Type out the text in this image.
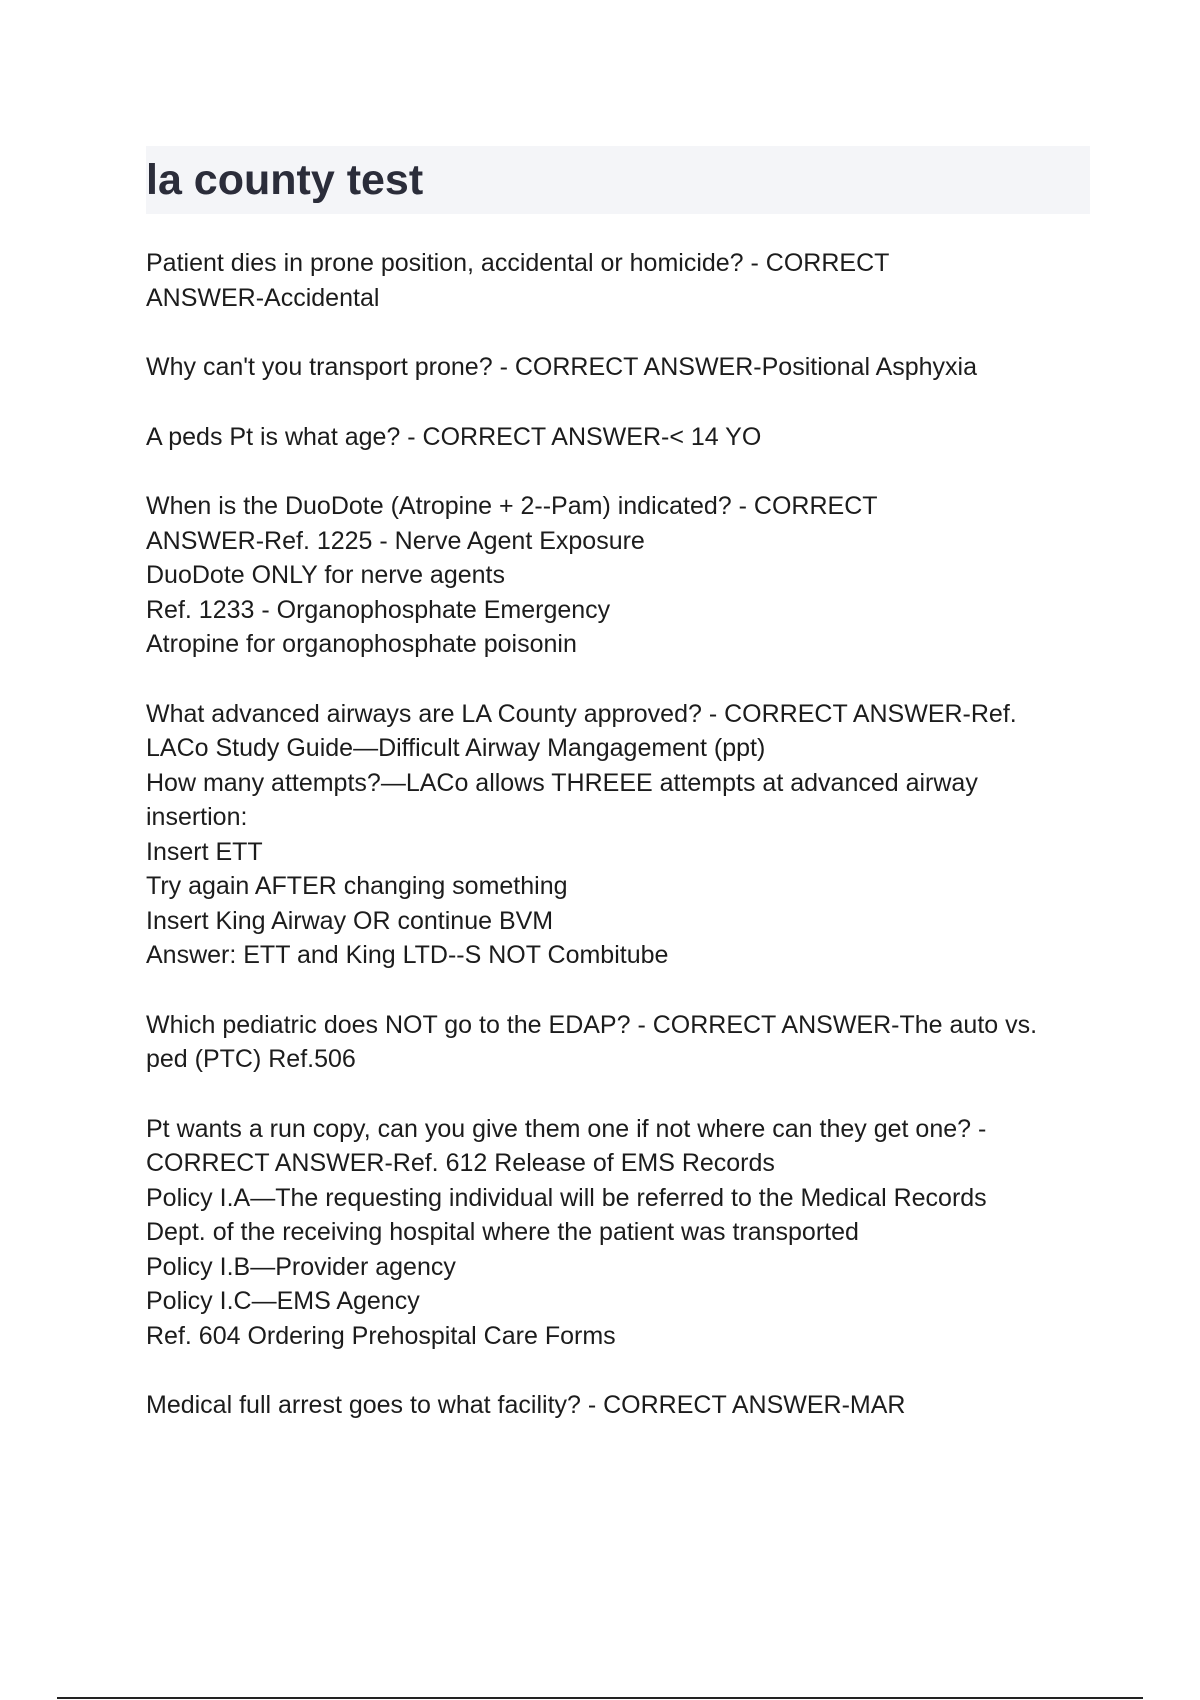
la county test

Patient dies in prone position, accidental or homicide? - CORRECT

ANSWER-Accidental

Why can't you transport prone? - CORRECT ANSWER-Positional Asphyxia

A peds Pt is what age? - CORRECT ANSWER-< 14 YO

When is the DuoDote (Atropine + 2--Pam) indicated? - CORRECT

ANSWER-Ref. 1225 - Nerve Agent Exposure

DuoDote ONLY for nerve agents

Ref. 1233 - Organophosphate Emergency

Atropine for organophosphate poisonin

What advanced airways are LA County approved? - CORRECT ANSWER-Ref.

LACo Study Guide—Difficult Airway Mangagement (ppt)

How many attempts?—LACo allows THREEE attempts at advanced airway

insertion:

Insert ETT

Try again AFTER changing something

Insert King Airway OR continue BVM

Answer: ETT and King LTD--S NOT Combitube

Which pediatric does NOT go to the EDAP? - CORRECT ANSWER-The auto vs.

ped (PTC) Ref.506

Pt wants a run copy, can you give them one if not where can they get one? -

CORRECT ANSWER-Ref. 612 Release of EMS Records

Policy I.A—The requesting individual will be referred to the Medical Records

Dept. of the receiving hospital where the patient was transported

Policy I.B—Provider agency

Policy I.C—EMS Agency

Ref. 604 Ordering Prehospital Care Forms

Medical full arrest goes to what facility? - CORRECT ANSWER-MAR
